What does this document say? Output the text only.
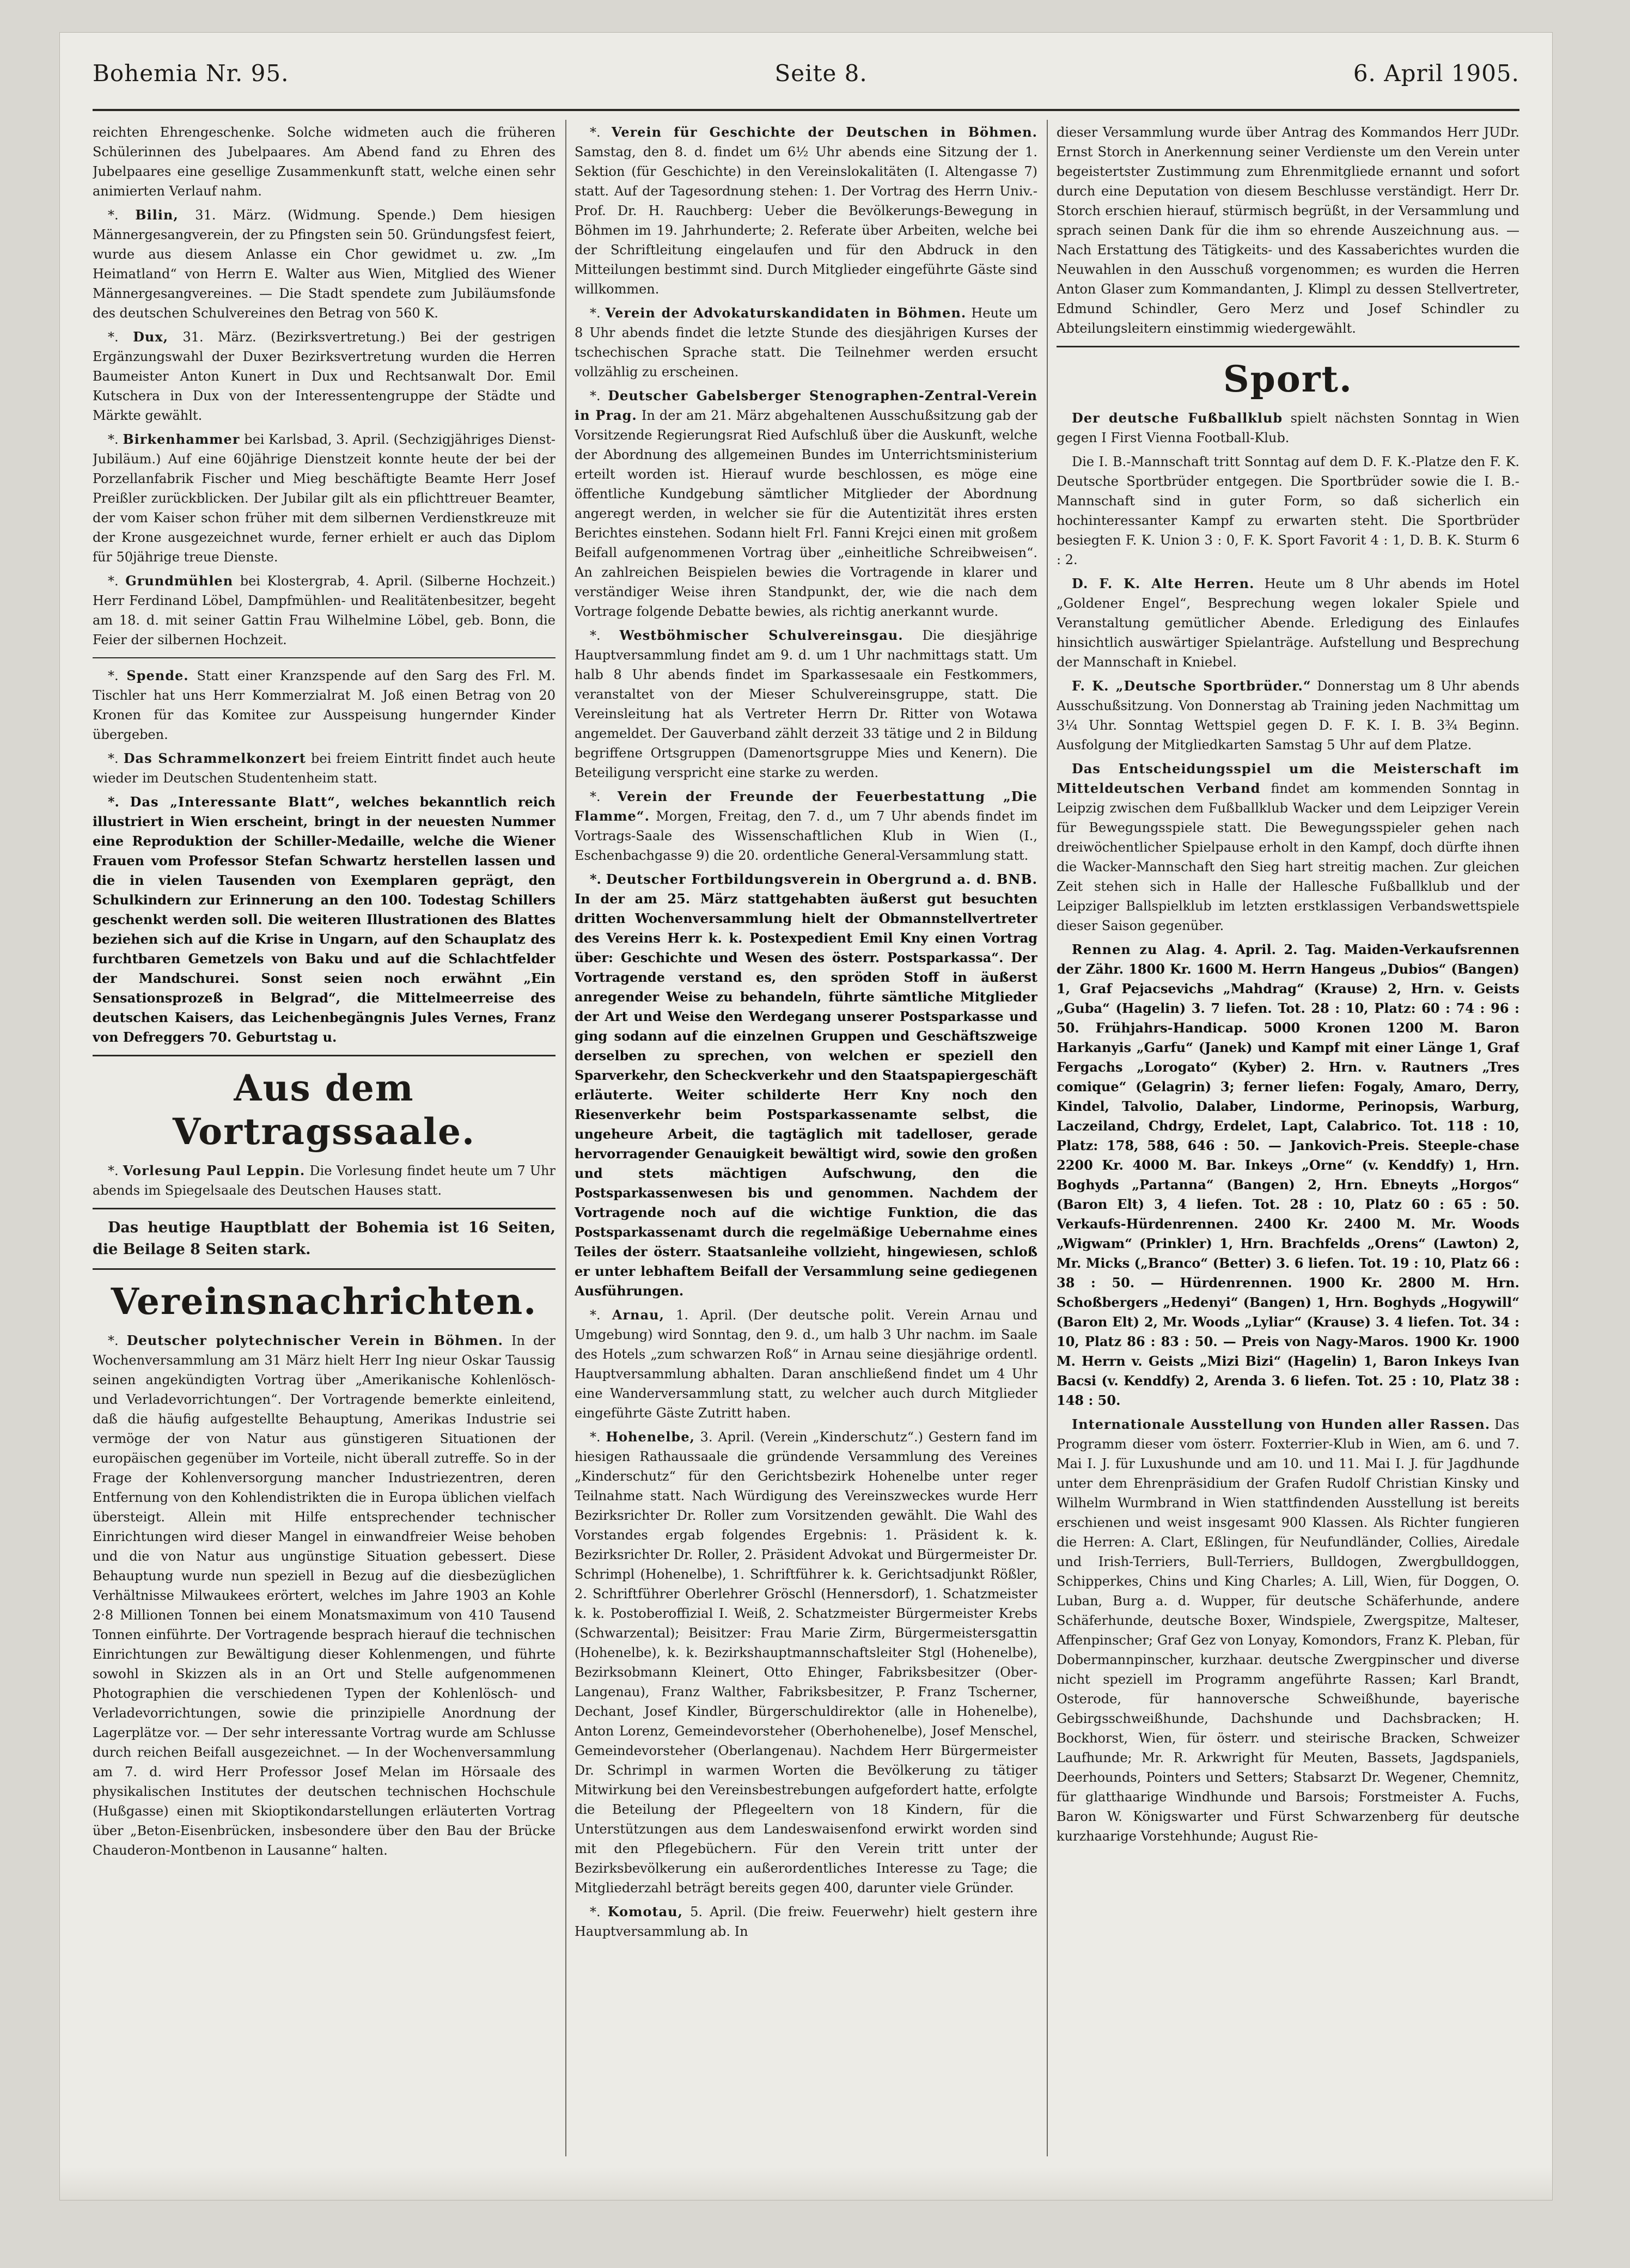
Bohemia Nr. 95.	Seite 8.	6. April 1905.

reichten Ehrengeschenke. Solche widmeten auch die früheren Schülerinnen des Jubelpaares. Am Abend fand zu Ehren des Jubelpaares eine gesellige Zusammenkunft statt, welche einen sehr animierten Verlauf nahm.

*. Bilin, 31. März. (Widmung. Spende.) Dem hiesigen Männergesangverein, der zu Pfingsten sein 50. Gründungsfest feiert, wurde aus diesem Anlasse ein Chor gewidmet u. zw. „Im Heimatland“ von Herrn E. Walter aus Wien, Mitglied des Wiener Männergesangvereines. — Die Stadt spendete zum Jubiläumsfonde des deutschen Schulvereines den Betrag von 560 K.

*. Dux, 31. März. (Bezirksvertretung.) Bei der gestrigen Ergänzungswahl der Duxer Bezirksvertretung wurden die Herren Baumeister Anton Kunert in Dux und Rechtsanwalt Dor. Emil Kutschera in Dux von der Interessentengruppe der Städte und Märkte gewählt.

*. Birkenhammer bei Karlsbad, 3. April. (Sechzigjähriges Dienst-Jubiläum.) Auf eine 60jährige Dienstzeit konnte heute der bei der Porzellanfabrik Fischer und Mieg beschäftigte Beamte Herr Josef Preißler zurückblicken. Der Jubilar gilt als ein pflichttreuer Beamter, der vom Kaiser schon früher mit dem silbernen Verdienstkreuze mit der Krone ausgezeichnet wurde, ferner erhielt er auch das Diplom für 50jährige treue Dienste.

*. Grundmühlen bei Klostergrab, 4. April. (Silberne Hochzeit.) Herr Ferdinand Löbel, Dampfmühlen- und Realitätenbesitzer, begeht am 18. d. mit seiner Gattin Frau Wilhelmine Löbel, geb. Bonn, die Feier der silbernen Hochzeit.

*. Spende. Statt einer Kranzspende auf den Sarg des Frl. M. Tischler hat uns Herr Kommerzialrat M. Joß einen Betrag von 20 Kronen für das Komitee zur Ausspeisung hungernder Kinder übergeben.

*. Das Schrammelkonzert bei freiem Eintritt findet auch heute wieder im Deutschen Studentenheim statt.

*. Das „Interessante Blatt“, welches bekanntlich reich illustriert in Wien erscheint, bringt in der neuesten Nummer eine Reproduktion der Schiller-Medaille, welche die Wiener Frauen vom Professor Stefan Schwartz herstellen lassen und die in vielen Tausenden von Exemplaren geprägt, den Schulkindern zur Erinnerung an den 100. Todestag Schillers geschenkt werden soll. Die weiteren Illustrationen des Blattes beziehen sich auf die Krise in Ungarn, auf den Schauplatz des furchtbaren Gemetzels von Baku und auf die Schlachtfelder der Mandschurei. Sonst seien noch erwähnt „Ein Sensationsprozeß in Belgrad“, die Mittelmeerreise des deutschen Kaisers, das Leichenbegängnis Jules Vernes, Franz von Defreggers 70. Geburtstag u.

Aus dem Vortragssaale.

*. Vorlesung Paul Leppin. Die Vorlesung findet heute um 7 Uhr abends im Spiegelsaale des Deutschen Hauses statt.

Das heutige Hauptblatt der Bohemia ist 16 Seiten, die Beilage 8 Seiten stark.

Vereinsnachrichten.

*. Deutscher polytechnischer Verein in Böhmen. In der Wochenversammlung am 31 März hielt Herr Ing nieur Oskar Taussig seinen angekündigten Vortrag über „Amerikanische Kohlenlösch- und Verladevorrichtungen“. Der Vortragende bemerkte einleitend, daß die häufig aufgestellte Behauptung, Amerikas Industrie sei vermöge der von Natur aus günstigeren Situationen der europäischen gegenüber im Vorteile, nicht überall zutreffe. So in der Frage der Kohlenversorgung mancher Industriezentren, deren Entfernung von den Kohlendistrikten die in Europa üblichen vielfach übersteigt. Allein mit Hilfe entsprechender technischer Einrichtungen wird dieser Mangel in einwandfreier Weise behoben und die von Natur aus ungünstige Situation gebessert. Diese Behauptung wurde nun speziell in Bezug auf die diesbezüglichen Verhältnisse Milwaukees erörtert, welches im Jahre 1903 an Kohle 2·8 Millionen Tonnen bei einem Monatsmaximum von 410 Tausend Tonnen einführte. Der Vortragende besprach hierauf die technischen Einrichtungen zur Bewältigung dieser Kohlenmengen, und führte sowohl in Skizzen als in an Ort und Stelle aufgenommenen Photographien die verschiedenen Typen der Kohlenlösch- und Verladevorrichtungen, sowie die prinzipielle Anordnung der Lagerplätze vor. — Der sehr interessante Vortrag wurde am Schlusse durch reichen Beifall ausgezeichnet. — In der Wochenversammlung am 7. d. wird Herr Professor Josef Melan im Hörsaale des physikalischen Institutes der deutschen technischen Hochschule (Hußgasse) einen mit Skioptikondarstellungen erläuterten Vortrag über „Beton-Eisenbrücken, insbesondere über den Bau der Brücke Chauderon-Montbenon in Lausanne“ halten.

*. Verein für Geschichte der Deutschen in Böhmen. Samstag, den 8. d. findet um 6½ Uhr abends eine Sitzung der 1. Sektion (für Geschichte) in den Vereinslokalitäten (I. Altengasse 7) statt. Auf der Tagesordnung stehen: 1. Der Vortrag des Herrn Univ.-Prof. Dr. H. Rauchberg: Ueber die Bevölkerungs-Bewegung in Böhmen im 19. Jahrhunderte; 2. Referate über Arbeiten, welche bei der Schriftleitung eingelaufen und für den Abdruck in den Mitteilungen bestimmt sind. Durch Mitglieder eingeführte Gäste sind willkommen.

*. Verein der Advokaturskandidaten in Böhmen. Heute um 8 Uhr abends findet die letzte Stunde des diesjährigen Kurses der tschechischen Sprache statt. Die Teilnehmer werden ersucht vollzählig zu erscheinen.

*. Deutscher Gabelsberger Stenographen-Zentral-Verein in Prag. In der am 21. März abgehaltenen Ausschußsitzung gab der Vorsitzende Regierungsrat Ried Aufschluß über die Auskunft, welche der Abordnung des allgemeinen Bundes im Unterrichtsministerium erteilt worden ist. Hierauf wurde beschlossen, es möge eine öffentliche Kundgebung sämtlicher Mitglieder der Abordnung angeregt werden, in welcher sie für die Autentizität ihres ersten Berichtes einstehen. Sodann hielt Frl. Fanni Krejci einen mit großem Beifall aufgenommenen Vortrag über „einheitliche Schreibweisen“. An zahlreichen Beispielen bewies die Vortragende in klarer und verständiger Weise ihren Standpunkt, der, wie die nach dem Vortrage folgende Debatte bewies, als richtig anerkannt wurde.

*. Westböhmischer Schulvereinsgau. Die diesjährige Hauptversammlung findet am 9. d. um 1 Uhr nachmittags statt. Um halb 8 Uhr abends findet im Sparkassesaale ein Festkommers, veranstaltet von der Mieser Schulvereinsgruppe, statt. Die Vereinsleitung hat als Vertreter Herrn Dr. Ritter von Wotawa angemeldet. Der Gauverband zählt derzeit 33 tätige und 2 in Bildung begriffene Ortsgruppen (Damenortsgruppe Mies und Kenern). Die Beteiligung verspricht eine starke zu werden.

*. Verein der Freunde der Feuerbestattung „Die Flamme“. Morgen, Freitag, den 7. d., um 7 Uhr abends findet im Vortrags-Saale des Wissenschaftlichen Klub in Wien (I., Eschenbachgasse 9) die 20. ordentliche General-Versammlung statt.

*. Deutscher Fortbildungsverein in Obergrund a. d. BNB. In der am 25. März stattgehabten äußerst gut besuchten dritten Wochenversammlung hielt der Obmannstellvertreter des Vereins Herr k. k. Postexpedient Emil Kny einen Vortrag über: Geschichte und Wesen des österr. Postsparkassa“. Der Vortragende verstand es, den spröden Stoff in äußerst anregender Weise zu behandeln, führte sämtliche Mitglieder der Art und Weise den Werdegang unserer Postsparkasse und ging sodann auf die einzelnen Gruppen und Geschäftszweige derselben zu sprechen, von welchen er speziell den Sparverkehr, den Scheckverkehr und den Staatspapiergeschäft erläuterte. Weiter schilderte Herr Kny noch den Riesenverkehr beim Postsparkassenamte selbst, die ungeheure Arbeit, die tagtäglich mit tadelloser, gerade hervorragender Genauigkeit bewältigt wird, sowie den großen und stets mächtigen Aufschwung, den die Postsparkassenwesen bis und genommen. Nachdem der Vortragende noch auf die wichtige Funktion, die das Postsparkassenamt durch die regelmäßige Uebernahme eines Teiles der österr. Staatsanleihe vollzieht, hingewiesen, schloß er unter lebhaftem Beifall der Versammlung seine gediegenen Ausführungen.

*. Arnau, 1. April. (Der deutsche polit. Verein Arnau und Umgebung) wird Sonntag, den 9. d., um halb 3 Uhr nachm. im Saale des Hotels „zum schwarzen Roß“ in Arnau seine diesjährige ordentl. Hauptversammlung abhalten. Daran anschließend findet um 4 Uhr eine Wanderversammlung statt, zu welcher auch durch Mitglieder eingeführte Gäste Zutritt haben.

*. Hohenelbe, 3. April. (Verein „Kinderschutz“.) Gestern fand im hiesigen Rathaussaale die gründende Versammlung des Vereines „Kinderschutz“ für den Gerichtsbezirk Hohenelbe unter reger Teilnahme statt. Nach Würdigung des Vereinszweckes wurde Herr Bezirksrichter Dr. Roller zum Vorsitzenden gewählt. Die Wahl des Vorstandes ergab folgendes Ergebnis: 1. Präsident k. k. Bezirksrichter Dr. Roller, 2. Präsident Advokat und Bürgermeister Dr. Schrimpl (Hohenelbe), 1. Schriftführer k. k. Gerichtsadjunkt Rößler, 2. Schriftführer Oberlehrer Gröschl (Hennersdorf), 1. Schatzmeister k. k. Postoberoffizial I. Weiß, 2. Schatzmeister Bürgermeister Krebs (Schwarzental); Beisitzer: Frau Marie Zirm, Bürgermeistersgattin (Hohenelbe), k. k. Bezirkshauptmannschaftsleiter Stgl (Hohenelbe), Bezirksobmann Kleinert, Otto Ehinger, Fabriksbesitzer (Ober-Langenau), Franz Walther, Fabriksbesitzer, P. Franz Tscherner, Dechant, Josef Kindler, Bürgerschuldirektor (alle in Hohenelbe), Anton Lorenz, Gemeindevorsteher (Oberhohenelbe), Josef Menschel, Gemeindevorsteher (Oberlangenau). Nachdem Herr Bürgermeister Dr. Schrimpl in warmen Worten die Bevölkerung zu tätiger Mitwirkung bei den Vereinsbestrebungen aufgefordert hatte, erfolgte die Beteilung der Pflegeeltern von 18 Kindern, für die Unterstützungen aus dem Landeswaisenfond erwirkt worden sind mit den Pflegebüchern. Für den Verein tritt unter der Bezirksbevölkerung ein außerordentliches Interesse zu Tage; die Mitgliederzahl beträgt bereits gegen 400, darunter viele Gründer.

*. Komotau, 5. April. (Die freiw. Feuerwehr) hielt gestern ihre Hauptversammlung ab. In

dieser Versammlung wurde über Antrag des Kommandos Herr JUDr. Ernst Storch in Anerkennung seiner Verdienste um den Verein unter begeistertster Zustimmung zum Ehrenmitgliede ernannt und sofort durch eine Deputation von diesem Beschlusse verständigt. Herr Dr. Storch erschien hierauf, stürmisch begrüßt, in der Versammlung und sprach seinen Dank für die ihm so ehrende Auszeichnung aus. — Nach Erstattung des Tätigkeits- und des Kassaberichtes wurden die Neuwahlen in den Ausschuß vorgenommen; es wurden die Herren Anton Glaser zum Kommandanten, J. Klimpl zu dessen Stellvertreter, Edmund Schindler, Gero Merz und Josef Schindler zu Abteilungsleitern einstimmig wiedergewählt.

Sport.

Der deutsche Fußballklub spielt nächsten Sonntag in Wien gegen I First Vienna Football-Klub.

Die I. B.-Mannschaft tritt Sonntag auf dem D. F. K.-Platze den F. K. Deutsche Sportbrüder entgegen. Die Sportbrüder sowie die I. B.-Mannschaft sind in guter Form, so daß sicherlich ein hochinteressanter Kampf zu erwarten steht. Die Sportbrüder besiegten F. K. Union 3 : 0, F. K. Sport Favorit 4 : 1, D. B. K. Sturm 6 : 2.

D. F. K. Alte Herren. Heute um 8 Uhr abends im Hotel „Goldener Engel“, Besprechung wegen lokaler Spiele und Veranstaltung gemütlicher Abende. Erledigung des Einlaufes hinsichtlich auswärtiger Spielanträge. Aufstellung und Besprechung der Mannschaft in Kniebel.

F. K. „Deutsche Sportbrüder.“ Donnerstag um 8 Uhr abends Ausschußsitzung. Von Donnerstag ab Training jeden Nachmittag um 3¼ Uhr. Sonntag Wettspiel gegen D. F. K. I. B. 3¾ Beginn. Ausfolgung der Mitgliedkarten Samstag 5 Uhr auf dem Platze.

Das Entscheidungsspiel um die Meisterschaft im Mitteldeutschen Verband findet am kommenden Sonntag in Leipzig zwischen dem Fußballklub Wacker und dem Leipziger Verein für Bewegungsspiele statt. Die Bewegungsspieler gehen nach dreiwöchentlicher Spielpause erholt in den Kampf, doch dürfte ihnen die Wacker-Mannschaft den Sieg hart streitig machen. Zur gleichen Zeit stehen sich in Halle der Hallesche Fußballklub und der Leipziger Ballspielklub im letzten erstklassigen Verbandswettspiele dieser Saison gegenüber.

Rennen zu Alag. 4. April. 2. Tag. Maiden-Verkaufsrennen der Zähr. 1800 Kr. 1600 M. Herrn Hangeus „Dubios“ (Bangen) 1, Graf Pejacsevichs „Mahdrag“ (Krause) 2, Hrn. v. Geists „Guba“ (Hagelin) 3. 7 liefen. Tot. 28 : 10, Platz: 60 : 74 : 96 : 50. Frühjahrs-Handicap. 5000 Kronen 1200 M. Baron Harkanyis „Garfu“ (Janek) und Kampf mit einer Länge 1, Graf Fergachs „Lorogato“ (Kyber) 2. Hrn. v. Rautners „Tres comique“ (Gelagrin) 3; ferner liefen: Fogaly, Amaro, Derry, Kindel, Talvolio, Dalaber, Lindorme, Perinopsis, Warburg, Laczeiland, Chdrgy, Erdelet, Lapt, Calabrico. Tot. 118 : 10, Platz: 178, 588, 646 : 50. — Jankovich-Preis. Steeple-chase 2200 Kr. 4000 M. Bar. Inkeys „Orne“ (v. Kenddfy) 1, Hrn. Boghyds „Partanna“ (Bangen) 2, Hrn. Ebneyts „Horgos“ (Baron Elt) 3, 4 liefen. Tot. 28 : 10, Platz 60 : 65 : 50. Verkaufs-Hürdenrennen. 2400 Kr. 2400 M. Mr. Woods „Wigwam“ (Prinkler) 1, Hrn. Brachfelds „Orens“ (Lawton) 2, Mr. Micks („Branco“ (Better) 3. 6 liefen. Tot. 19 : 10, Platz 66 : 38 : 50. — Hürdenrennen. 1900 Kr. 2800 M. Hrn. Schoßbergers „Hedenyi“ (Bangen) 1, Hrn. Boghyds „Hogywill“ (Baron Elt) 2, Mr. Woods „Lyliar“ (Krause) 3. 4 liefen. Tot. 34 : 10, Platz 86 : 83 : 50. — Preis von Nagy-Maros. 1900 Kr. 1900 M. Herrn v. Geists „Mizi Bizi“ (Hagelin) 1, Baron Inkeys Ivan Bacsi (v. Kenddfy) 2, Arenda 3. 6 liefen. Tot. 25 : 10, Platz 38 : 148 : 50.

Internationale Ausstellung von Hunden aller Rassen. Das Programm dieser vom österr. Foxterrier-Klub in Wien, am 6. und 7. Mai I. J. für Luxushunde und am 10. und 11. Mai I. J. für Jagdhunde unter dem Ehrenpräsidium der Grafen Rudolf Christian Kinsky und Wilhelm Wurmbrand in Wien stattfindenden Ausstellung ist bereits erschienen und weist insgesamt 900 Klassen. Als Richter fungieren die Herren: A. Clart, Eßlingen, für Neufundländer, Collies, Airedale und Irish-Terriers, Bull-Terriers, Bulldogen, Zwergbulldoggen, Schipperkes, Chins und King Charles; A. Lill, Wien, für Doggen, O. Luban, Burg a. d. Wupper, für deutsche Schäferhunde, andere Schäferhunde, deutsche Boxer, Windspiele, Zwergspitze, Malteser, Affenpinscher; Graf Gez von Lonyay, Komondors, Franz K. Pleban, für Dobermannpinscher, kurzhaar. deutsche Zwergpinscher und diverse nicht speziell im Programm angeführte Rassen; Karl Brandt, Osterode, für hannoversche Schweißhunde, bayerische Gebirgsschweißhunde, Dachshunde und Dachsbracken; H. Bockhorst, Wien, für österr. und steirische Bracken, Schweizer Laufhunde; Mr. R. Arkwright für Meuten, Bassets, Jagdspaniels, Deerhounds, Pointers und Setters; Stabsarzt Dr. Wegener, Chemnitz, für glatthaarige Windhunde und Barsois; Forstmeister A. Fuchs, Baron W. Königswarter und Fürst Schwarzenberg für deutsche kurzhaarige Vorstehhunde; August Rie-
